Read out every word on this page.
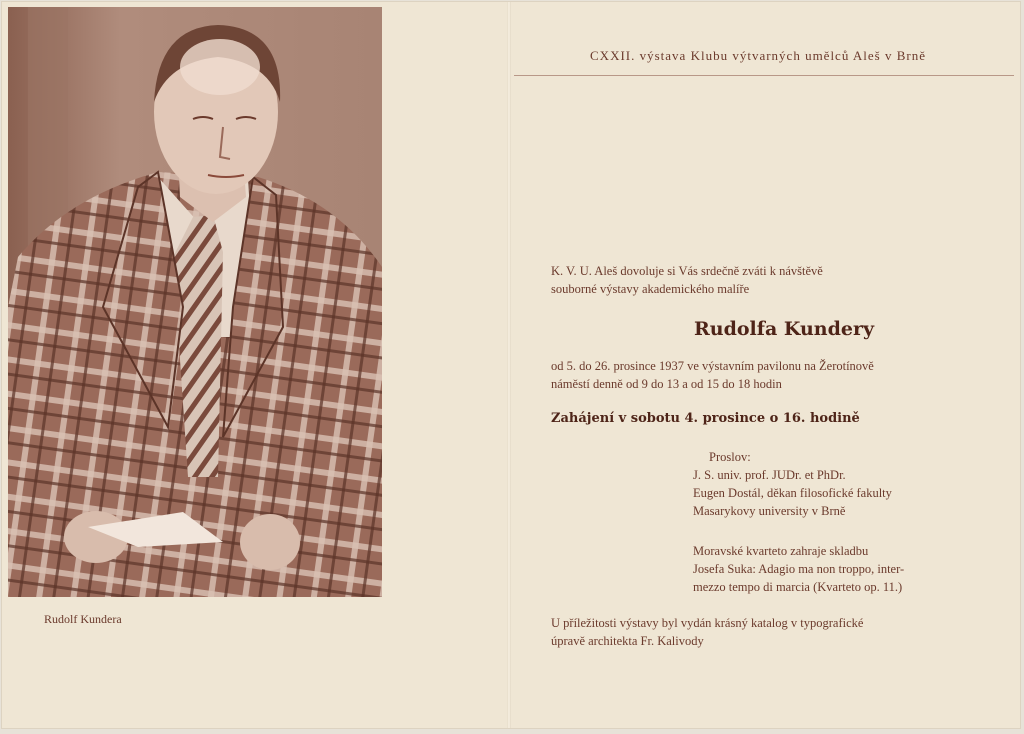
Rudolf Kundera
CXXII. výstava Klubu výtvarných umělců Aleš v Brně
K. V. U. Aleš dovoluje si Vás srdečně zváti k návštěvě
souborné výstavy akademického malíře
Rudolfa Kundery
od 5. do 26. prosince 1937 ve výstavním pavilonu na Žerotínově
náměstí denně od 9 do 13 a od 15 do 18 hodin
Zahájení v sobotu 4. prosince o 16. hodině
Proslov:
J. S. univ. prof. JUDr. et PhDr.
Eugen Dostál, děkan filosofické fakulty
Masarykovy university v Brně
Moravské kvarteto zahraje skladbu
Josefa Suka: Adagio ma non troppo, inter-
mezzo tempo di marcia (Kvarteto op. 11.)
U příležitosti výstavy byl vydán krásný katalog v typografické
úpravě architekta Fr. Kalivody
